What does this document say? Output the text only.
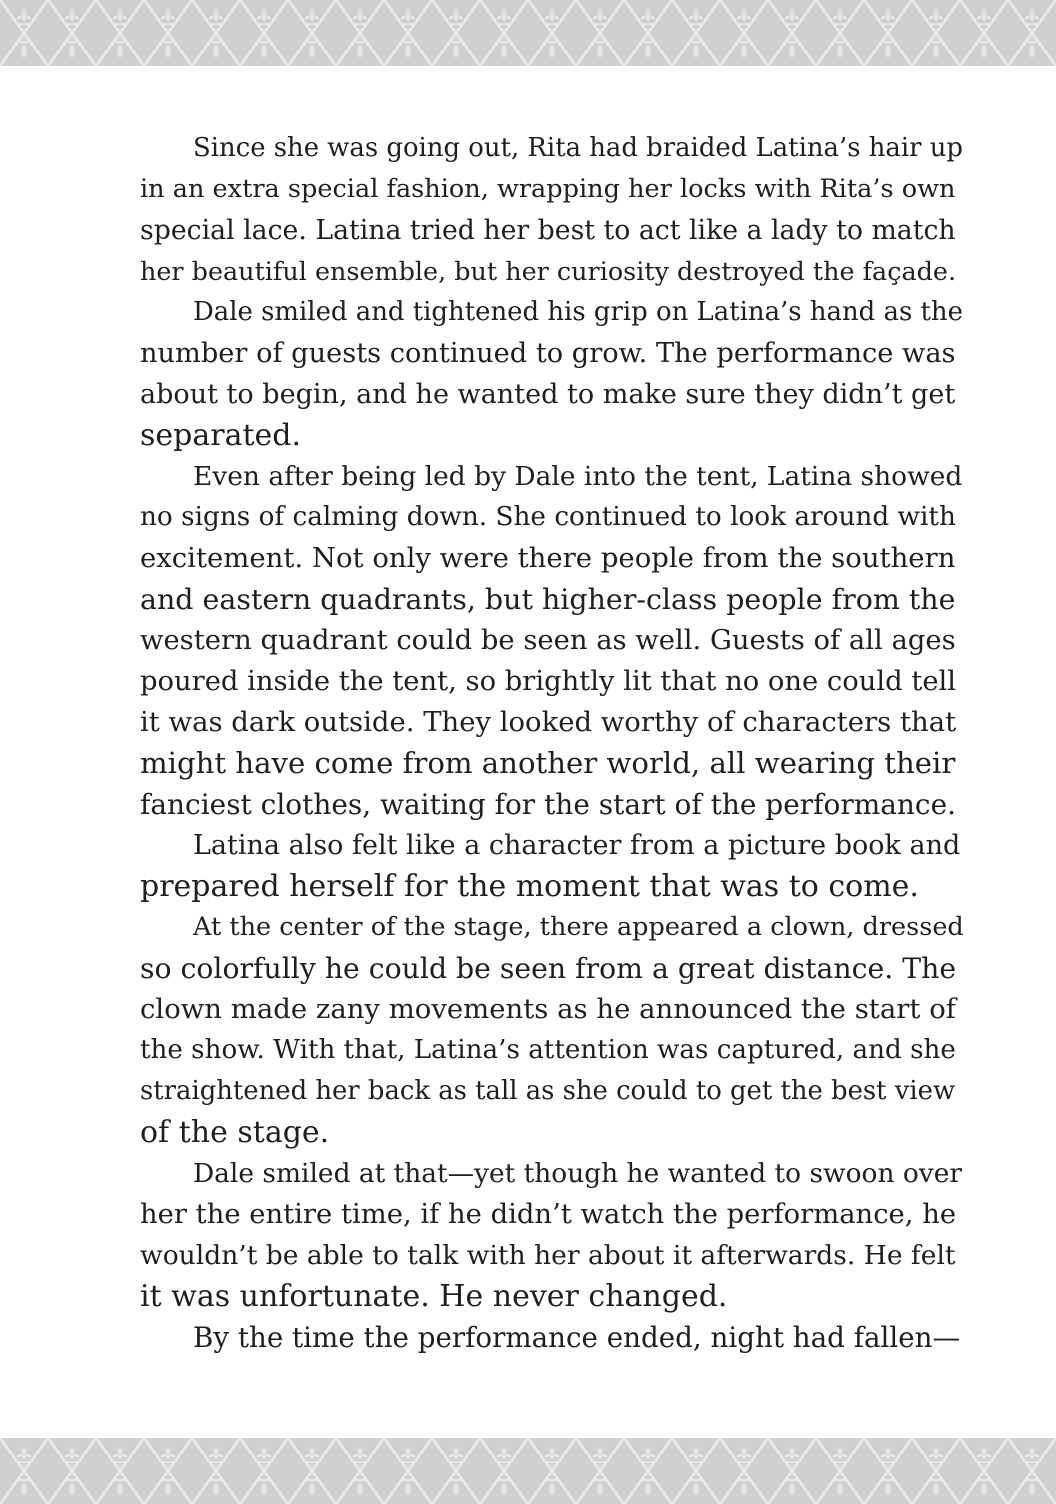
Since she was going out, Rita had braided Latina’s hair up
in an extra special fashion, wrapping her locks with Rita’s own
special lace. Latina tried her best to act like a lady to match
her beautiful ensemble, but her curiosity destroyed the façade.
Dale smiled and tightened his grip on Latina’s hand as the
number of guests continued to grow. The performance was
about to begin, and he wanted to make sure they didn’t get
separated.
Even after being led by Dale into the tent, Latina showed
no signs of calming down. She continued to look around with
excitement. Not only were there people from the southern
and eastern quadrants, but higher-class people from the
western quadrant could be seen as well. Guests of all ages
poured inside the tent, so brightly lit that no one could tell
it was dark outside. They looked worthy of characters that
might have come from another world, all wearing their
fanciest clothes, waiting for the start of the performance.
Latina also felt like a character from a picture book and
prepared herself for the moment that was to come.
At the center of the stage, there appeared a clown, dressed
so colorfully he could be seen from a great distance. The
clown made zany movements as he announced the start of
the show. With that, Latina’s attention was captured, and she
straightened her back as tall as she could to get the best view
of the stage.
Dale smiled at that—yet though he wanted to swoon over
her the entire time, if he didn’t watch the performance, he
wouldn’t be able to talk with her about it afterwards. He felt
it was unfortunate. He never changed.
By the time the performance ended, night had fallen—
